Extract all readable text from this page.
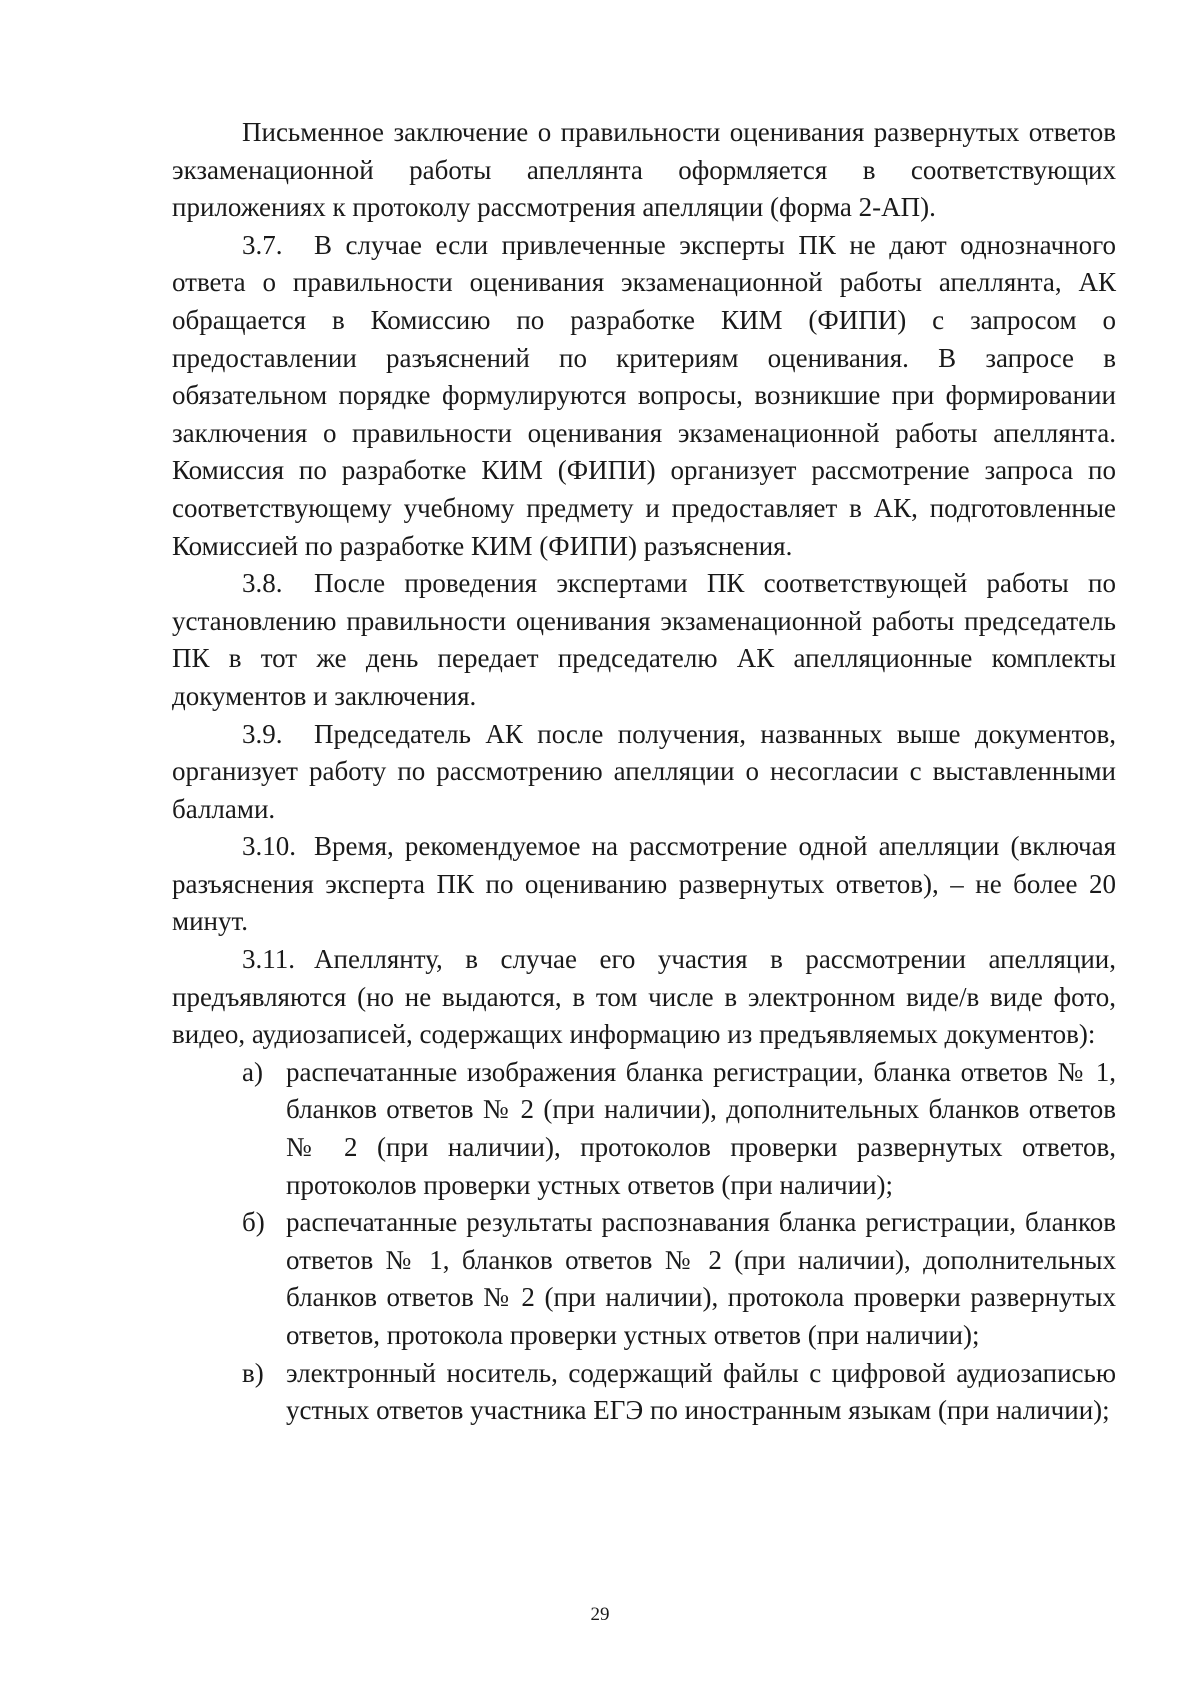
Письменное заключение о правильности оценивания развернутых ответов экзаменационной работы апеллянта оформляется в соответствующих приложениях к протоколу рассмотрения апелляции (форма 2-АП).

3.7. В случае если привлеченные эксперты ПК не дают однозначного ответа о правильности оценивания экзаменационной работы апеллянта, АК обращается в Комиссию по разработке КИМ (ФИПИ) с запросом о предоставлении разъяснений по критериям оценивания. В запросе в обязательном порядке формулируются вопросы, возникшие при формировании заключения о правильности оценивания экзаменационной работы апеллянта. Комиссия по разработке КИМ (ФИПИ) организует рассмотрение запроса по соответствующему учебному предмету и предоставляет в АК, подготовленные Комиссией по разработке КИМ (ФИПИ) разъяснения.

3.8. После проведения экспертами ПК соответствующей работы по установлению правильности оценивания экзаменационной работы председатель ПК в тот же день передает председателю АК апелляционные комплекты документов и заключения.

3.9. Председатель АК после получения, названных выше документов, организует работу по рассмотрению апелляции о несогласии с выставленными баллами.

3.10. Время, рекомендуемое на рассмотрение одной апелляции (включая разъяснения эксперта ПК по оцениванию развернутых ответов), – не более 20 минут.

3.11. Апеллянту, в случае его участия в рассмотрении апелляции, предъявляются (но не выдаются, в том числе в электронном виде/в виде фото, видео, аудиозаписей, содержащих информацию из предъявляемых документов):

а) распечатанные изображения бланка регистрации, бланка ответов № 1, бланков ответов № 2 (при наличии), дополнительных бланков ответов № 2 (при наличии), протоколов проверки развернутых ответов, протоколов проверки устных ответов (при наличии);
б) распечатанные результаты распознавания бланка регистрации, бланков ответов № 1, бланков ответов № 2 (при наличии), дополнительных бланков ответов № 2 (при наличии), протокола проверки развернутых ответов, протокола проверки устных ответов (при наличии);
в) электронный носитель, содержащий файлы с цифровой аудиозаписью устных ответов участника ЕГЭ по иностранным языкам (при наличии);
29
